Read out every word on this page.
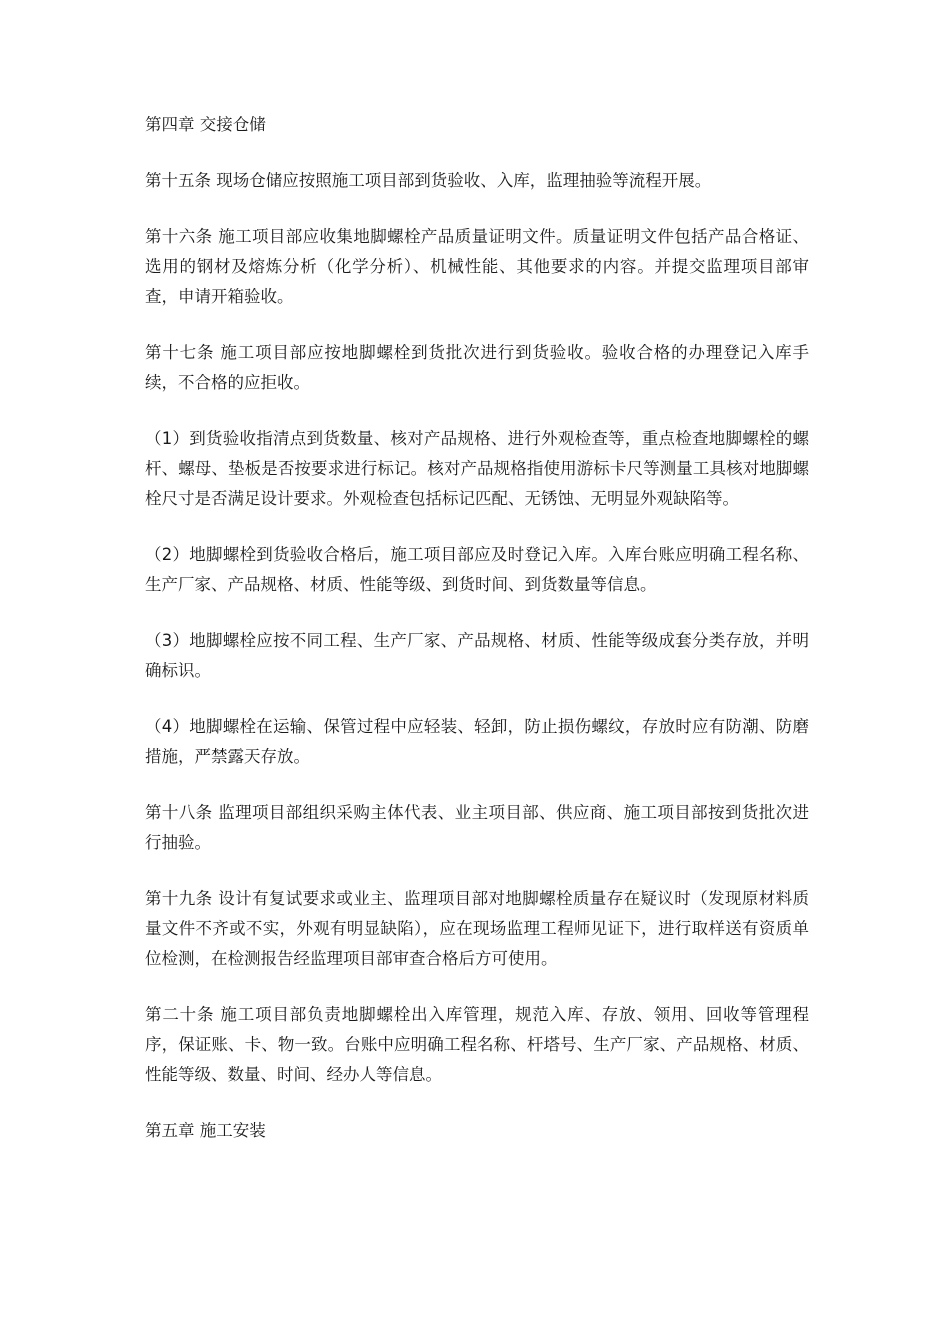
第四章 交接仓储

第十五条 现场仓储应按照施工项目部到货验收、入库，监理抽验等流程开展。

第十六条 施工项目部应收集地脚螺栓产品质量证明文件。质量证明文件包括产品合格证、选用的钢材及熔炼分析（化学分析）、机械性能、其他要求的内容。并提交监理项目部审查，申请开箱验收。

第十七条 施工项目部应按地脚螺栓到货批次进行到货验收。验收合格的办理登记入库手续，不合格的应拒收。

（1）到货验收指清点到货数量、核对产品规格、进行外观检查等，重点检查地脚螺栓的螺杆、螺母、垫板是否按要求进行标记。核对产品规格指使用游标卡尺等测量工具核对地脚螺栓尺寸是否满足设计要求。外观检查包括标记匹配、无锈蚀、无明显外观缺陷等。

（2）地脚螺栓到货验收合格后，施工项目部应及时登记入库。入库台账应明确工程名称、生产厂家、产品规格、材质、性能等级、到货时间、到货数量等信息。

（3）地脚螺栓应按不同工程、生产厂家、产品规格、材质、性能等级成套分类存放，并明确标识。

（4）地脚螺栓在运输、保管过程中应轻装、轻卸，防止损伤螺纹，存放时应有防潮、防磨措施，严禁露天存放。

第十八条 监理项目部组织采购主体代表、业主项目部、供应商、施工项目部按到货批次进行抽验。

第十九条 设计有复试要求或业主、监理项目部对地脚螺栓质量存在疑议时（发现原材料质量文件不齐或不实，外观有明显缺陷），应在现场监理工程师见证下，进行取样送有资质单位检测，在检测报告经监理项目部审查合格后方可使用。

第二十条 施工项目部负责地脚螺栓出入库管理，规范入库、存放、领用、回收等管理程序，保证账、卡、物一致。台账中应明确工程名称、杆塔号、生产厂家、产品规格、材质、性能等级、数量、时间、经办人等信息。

第五章 施工安装
